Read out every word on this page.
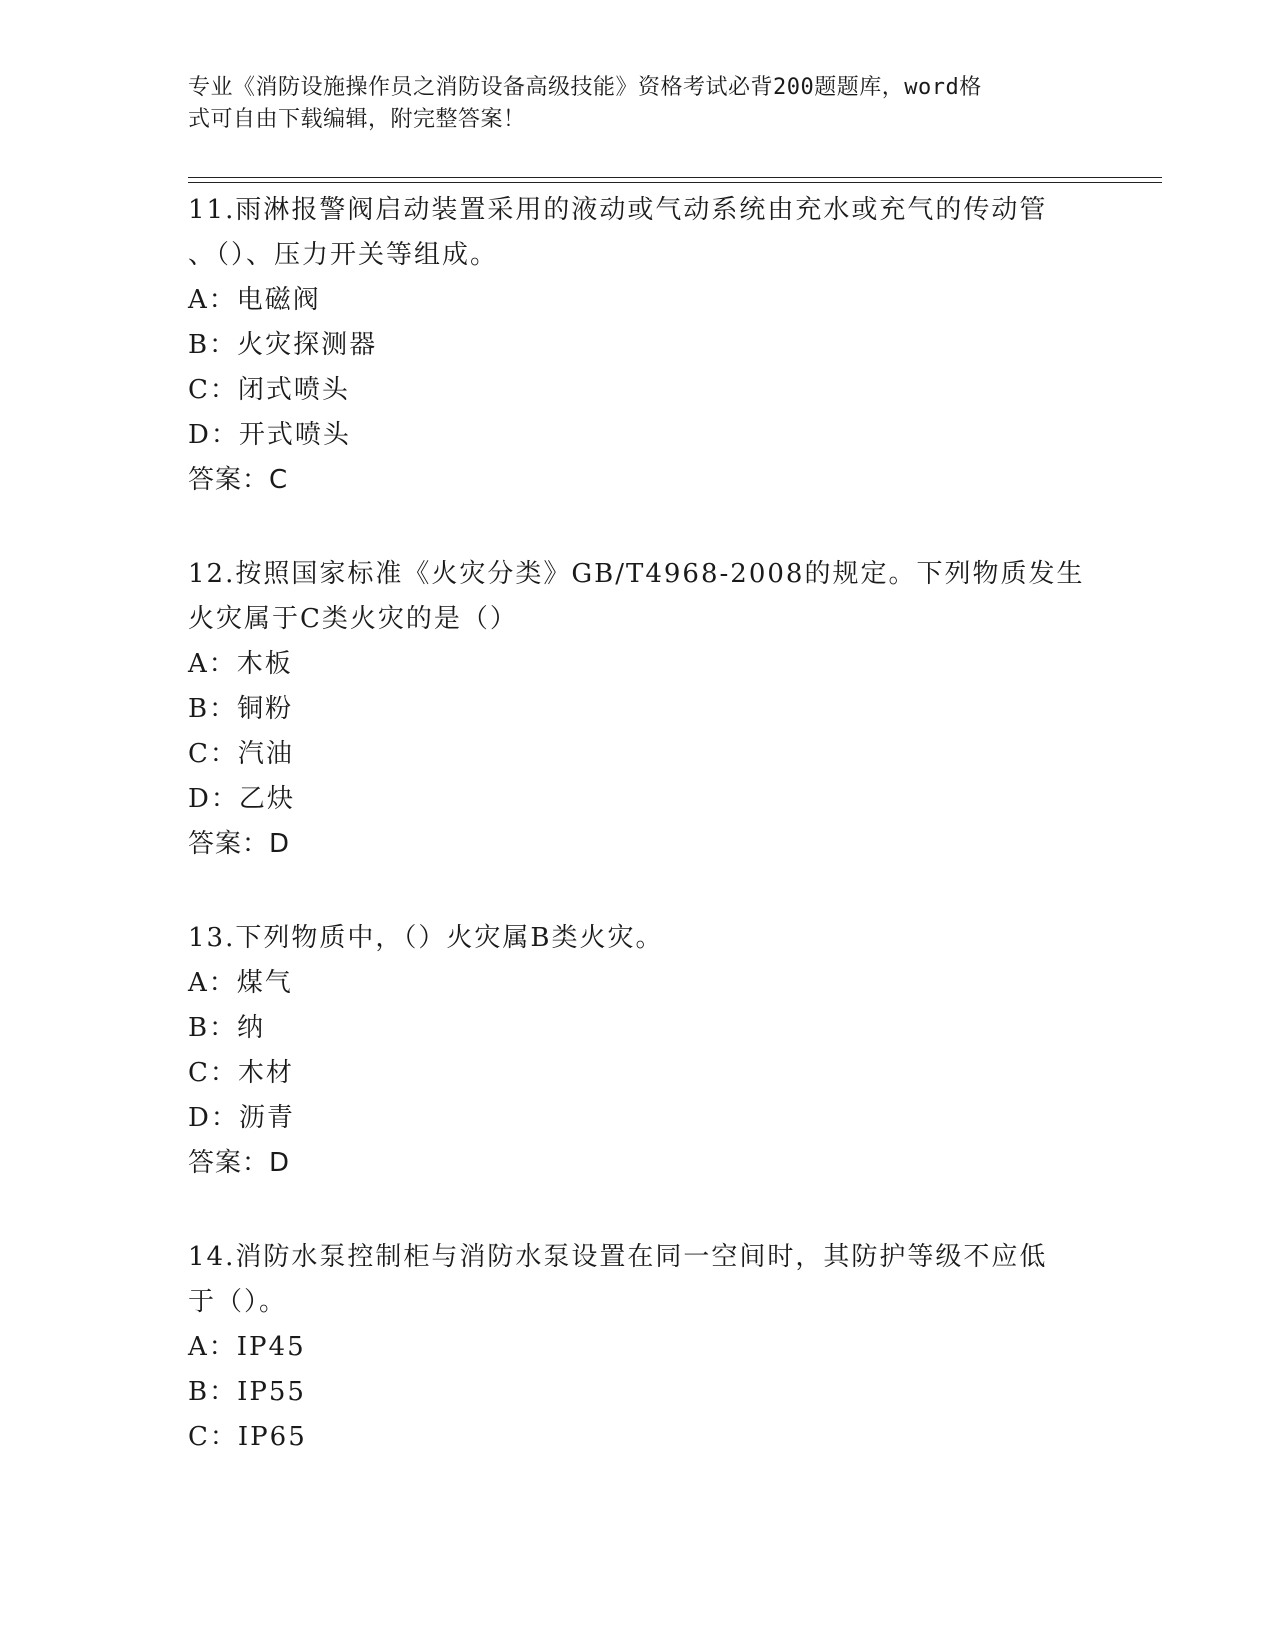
专业《消防设施操作员之消防设备高级技能》资格考试必背200题题库，word格
式可自由下载编辑，附完整答案！

11.雨淋报警阀启动装置采用的液动或气动系统由充水或充气的传动管

、（）、压力开关等组成。

A：电磁阀

B：火灾探测器

C：闭式喷头

D：开式喷头

答案：C

12.按照国家标准《火灾分类》GB/T4968-2008的规定。下列物质发生

火灾属于C类火灾的是（）

A：木板

B：铜粉

C：汽油

D：乙炔

答案：D

13.下列物质中，（）火灾属B类火灾。

A：煤气

B：纳

C：木材

D：沥青

答案：D

14.消防水泵控制柜与消防水泵设置在同一空间时，其防护等级不应低

于（）。

A：IP45

B：IP55

C：IP65
